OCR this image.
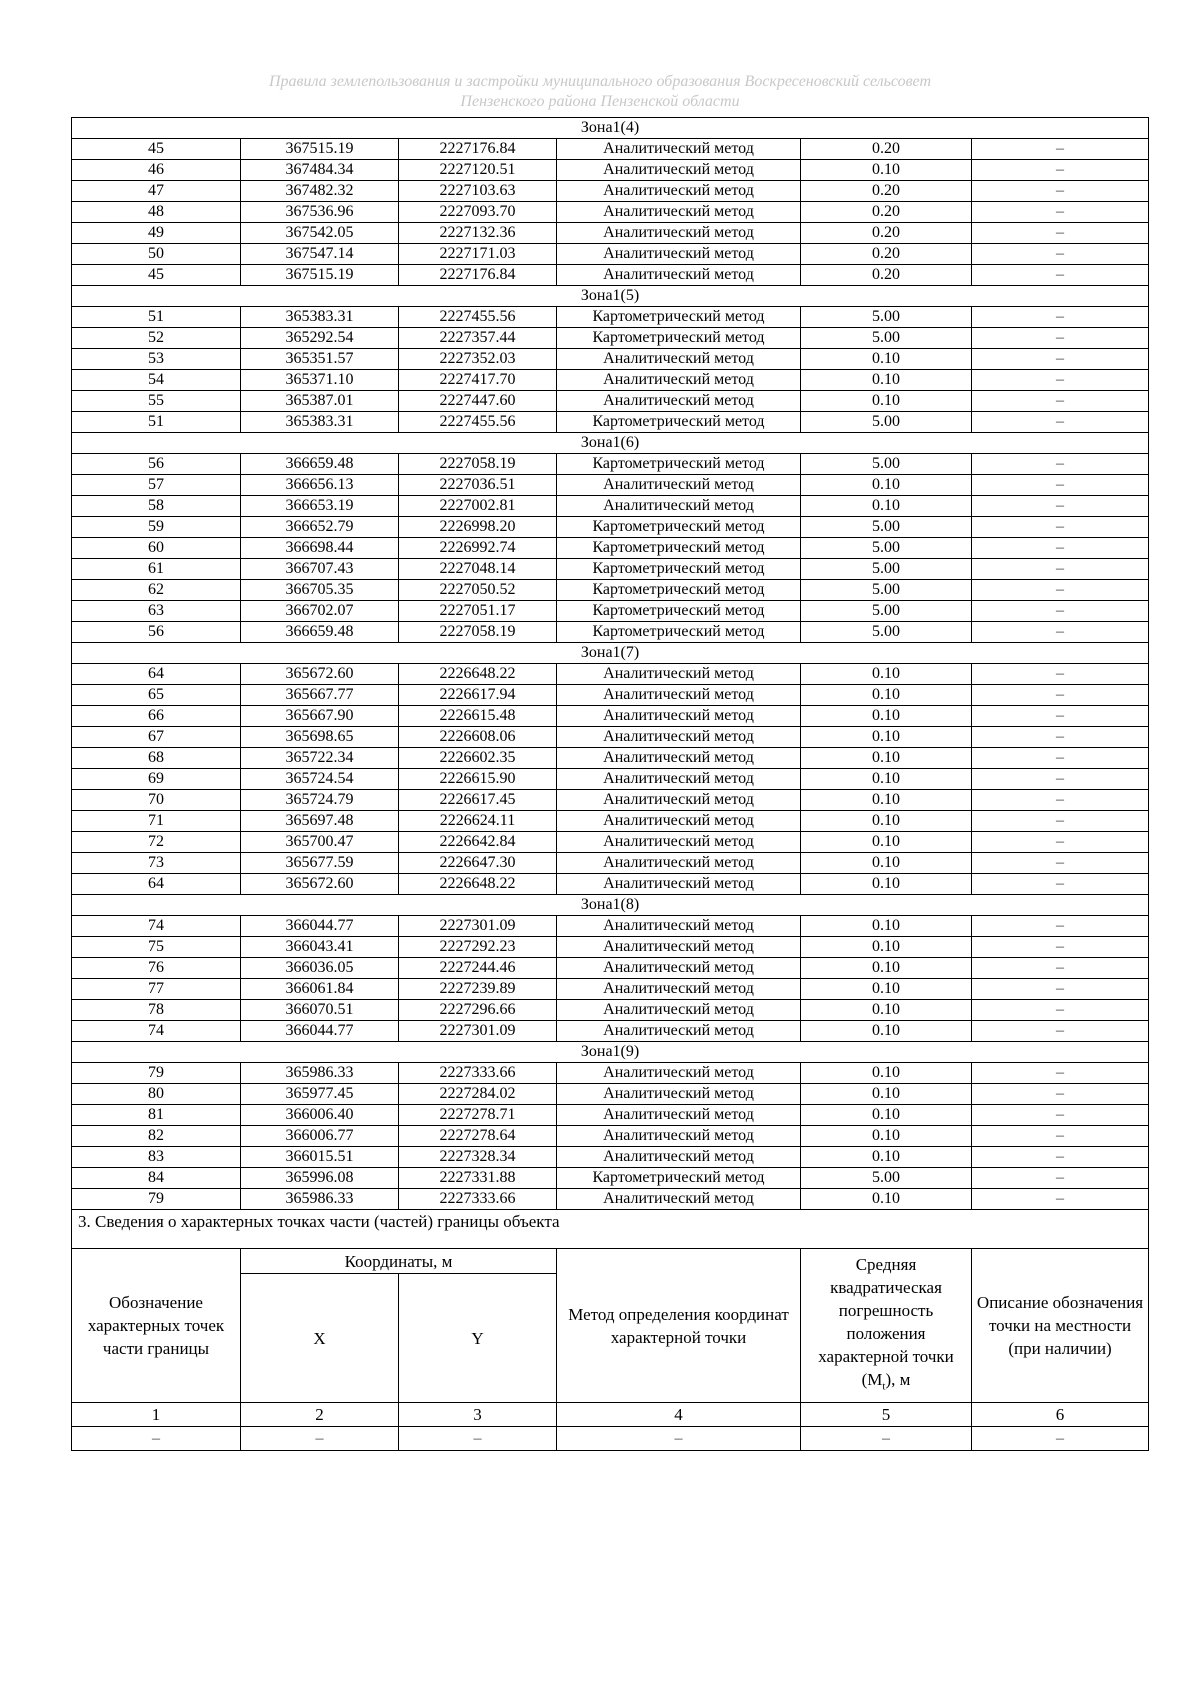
Правила землепользования и застройки муниципального образования Воскресеновский сельсовет
Пензенского района Пензенской области
Зона1(4)					
45	367515.19	2227176.84	Аналитический метод	0.20	–
46	367484.34	2227120.51	Аналитический метод	0.10	–
47	367482.32	2227103.63	Аналитический метод	0.20	–
48	367536.96	2227093.70	Аналитический метод	0.20	–
49	367542.05	2227132.36	Аналитический метод	0.20	–
50	367547.14	2227171.03	Аналитический метод	0.20	–
45	367515.19	2227176.84	Аналитический метод	0.20	–
Зона1(5)					
51	365383.31	2227455.56	Картометрический метод	5.00	–
52	365292.54	2227357.44	Картометрический метод	5.00	–
53	365351.57	2227352.03	Аналитический метод	0.10	–
54	365371.10	2227417.70	Аналитический метод	0.10	–
55	365387.01	2227447.60	Аналитический метод	0.10	–
51	365383.31	2227455.56	Картометрический метод	5.00	–
Зона1(6)					
56	366659.48	2227058.19	Картометрический метод	5.00	–
57	366656.13	2227036.51	Аналитический метод	0.10	–
58	366653.19	2227002.81	Аналитический метод	0.10	–
59	366652.79	2226998.20	Картометрический метод	5.00	–
60	366698.44	2226992.74	Картометрический метод	5.00	–
61	366707.43	2227048.14	Картометрический метод	5.00	–
62	366705.35	2227050.52	Картометрический метод	5.00	–
63	366702.07	2227051.17	Картометрический метод	5.00	–
56	366659.48	2227058.19	Картометрический метод	5.00	–
Зона1(7)					
64	365672.60	2226648.22	Аналитический метод	0.10	–
65	365667.77	2226617.94	Аналитический метод	0.10	–
66	365667.90	2226615.48	Аналитический метод	0.10	–
67	365698.65	2226608.06	Аналитический метод	0.10	–
68	365722.34	2226602.35	Аналитический метод	0.10	–
69	365724.54	2226615.90	Аналитический метод	0.10	–
70	365724.79	2226617.45	Аналитический метод	0.10	–
71	365697.48	2226624.11	Аналитический метод	0.10	–
72	365700.47	2226642.84	Аналитический метод	0.10	–
73	365677.59	2226647.30	Аналитический метод	0.10	–
64	365672.60	2226648.22	Аналитический метод	0.10	–
Зона1(8)					
74	366044.77	2227301.09	Аналитический метод	0.10	–
75	366043.41	2227292.23	Аналитический метод	0.10	–
76	366036.05	2227244.46	Аналитический метод	0.10	–
77	366061.84	2227239.89	Аналитический метод	0.10	–
78	366070.51	2227296.66	Аналитический метод	0.10	–
74	366044.77	2227301.09	Аналитический метод	0.10	–
Зона1(9)					
79	365986.33	2227333.66	Аналитический метод	0.10	–
80	365977.45	2227284.02	Аналитический метод	0.10	–
81	366006.40	2227278.71	Аналитический метод	0.10	–
82	366006.77	2227278.64	Аналитический метод	0.10	–
83	366015.51	2227328.34	Аналитический метод	0.10	–
84	365996.08	2227331.88	Картометрический метод	5.00	–
79	365986.33	2227333.66	Аналитический метод	0.10	–
3. Сведения о характерных точках части (частей) границы объекта					
Обозначение характерных точек части границы	Координаты, м		Метод определения координат характерной точки	Средняя квадратическая погрешность положения характерной точки $(M_t)$, м	Описание обозначения точки на местности (при наличии)
	X	Y			
1	2	3	4	5	6
–	–	–	–	–	–
